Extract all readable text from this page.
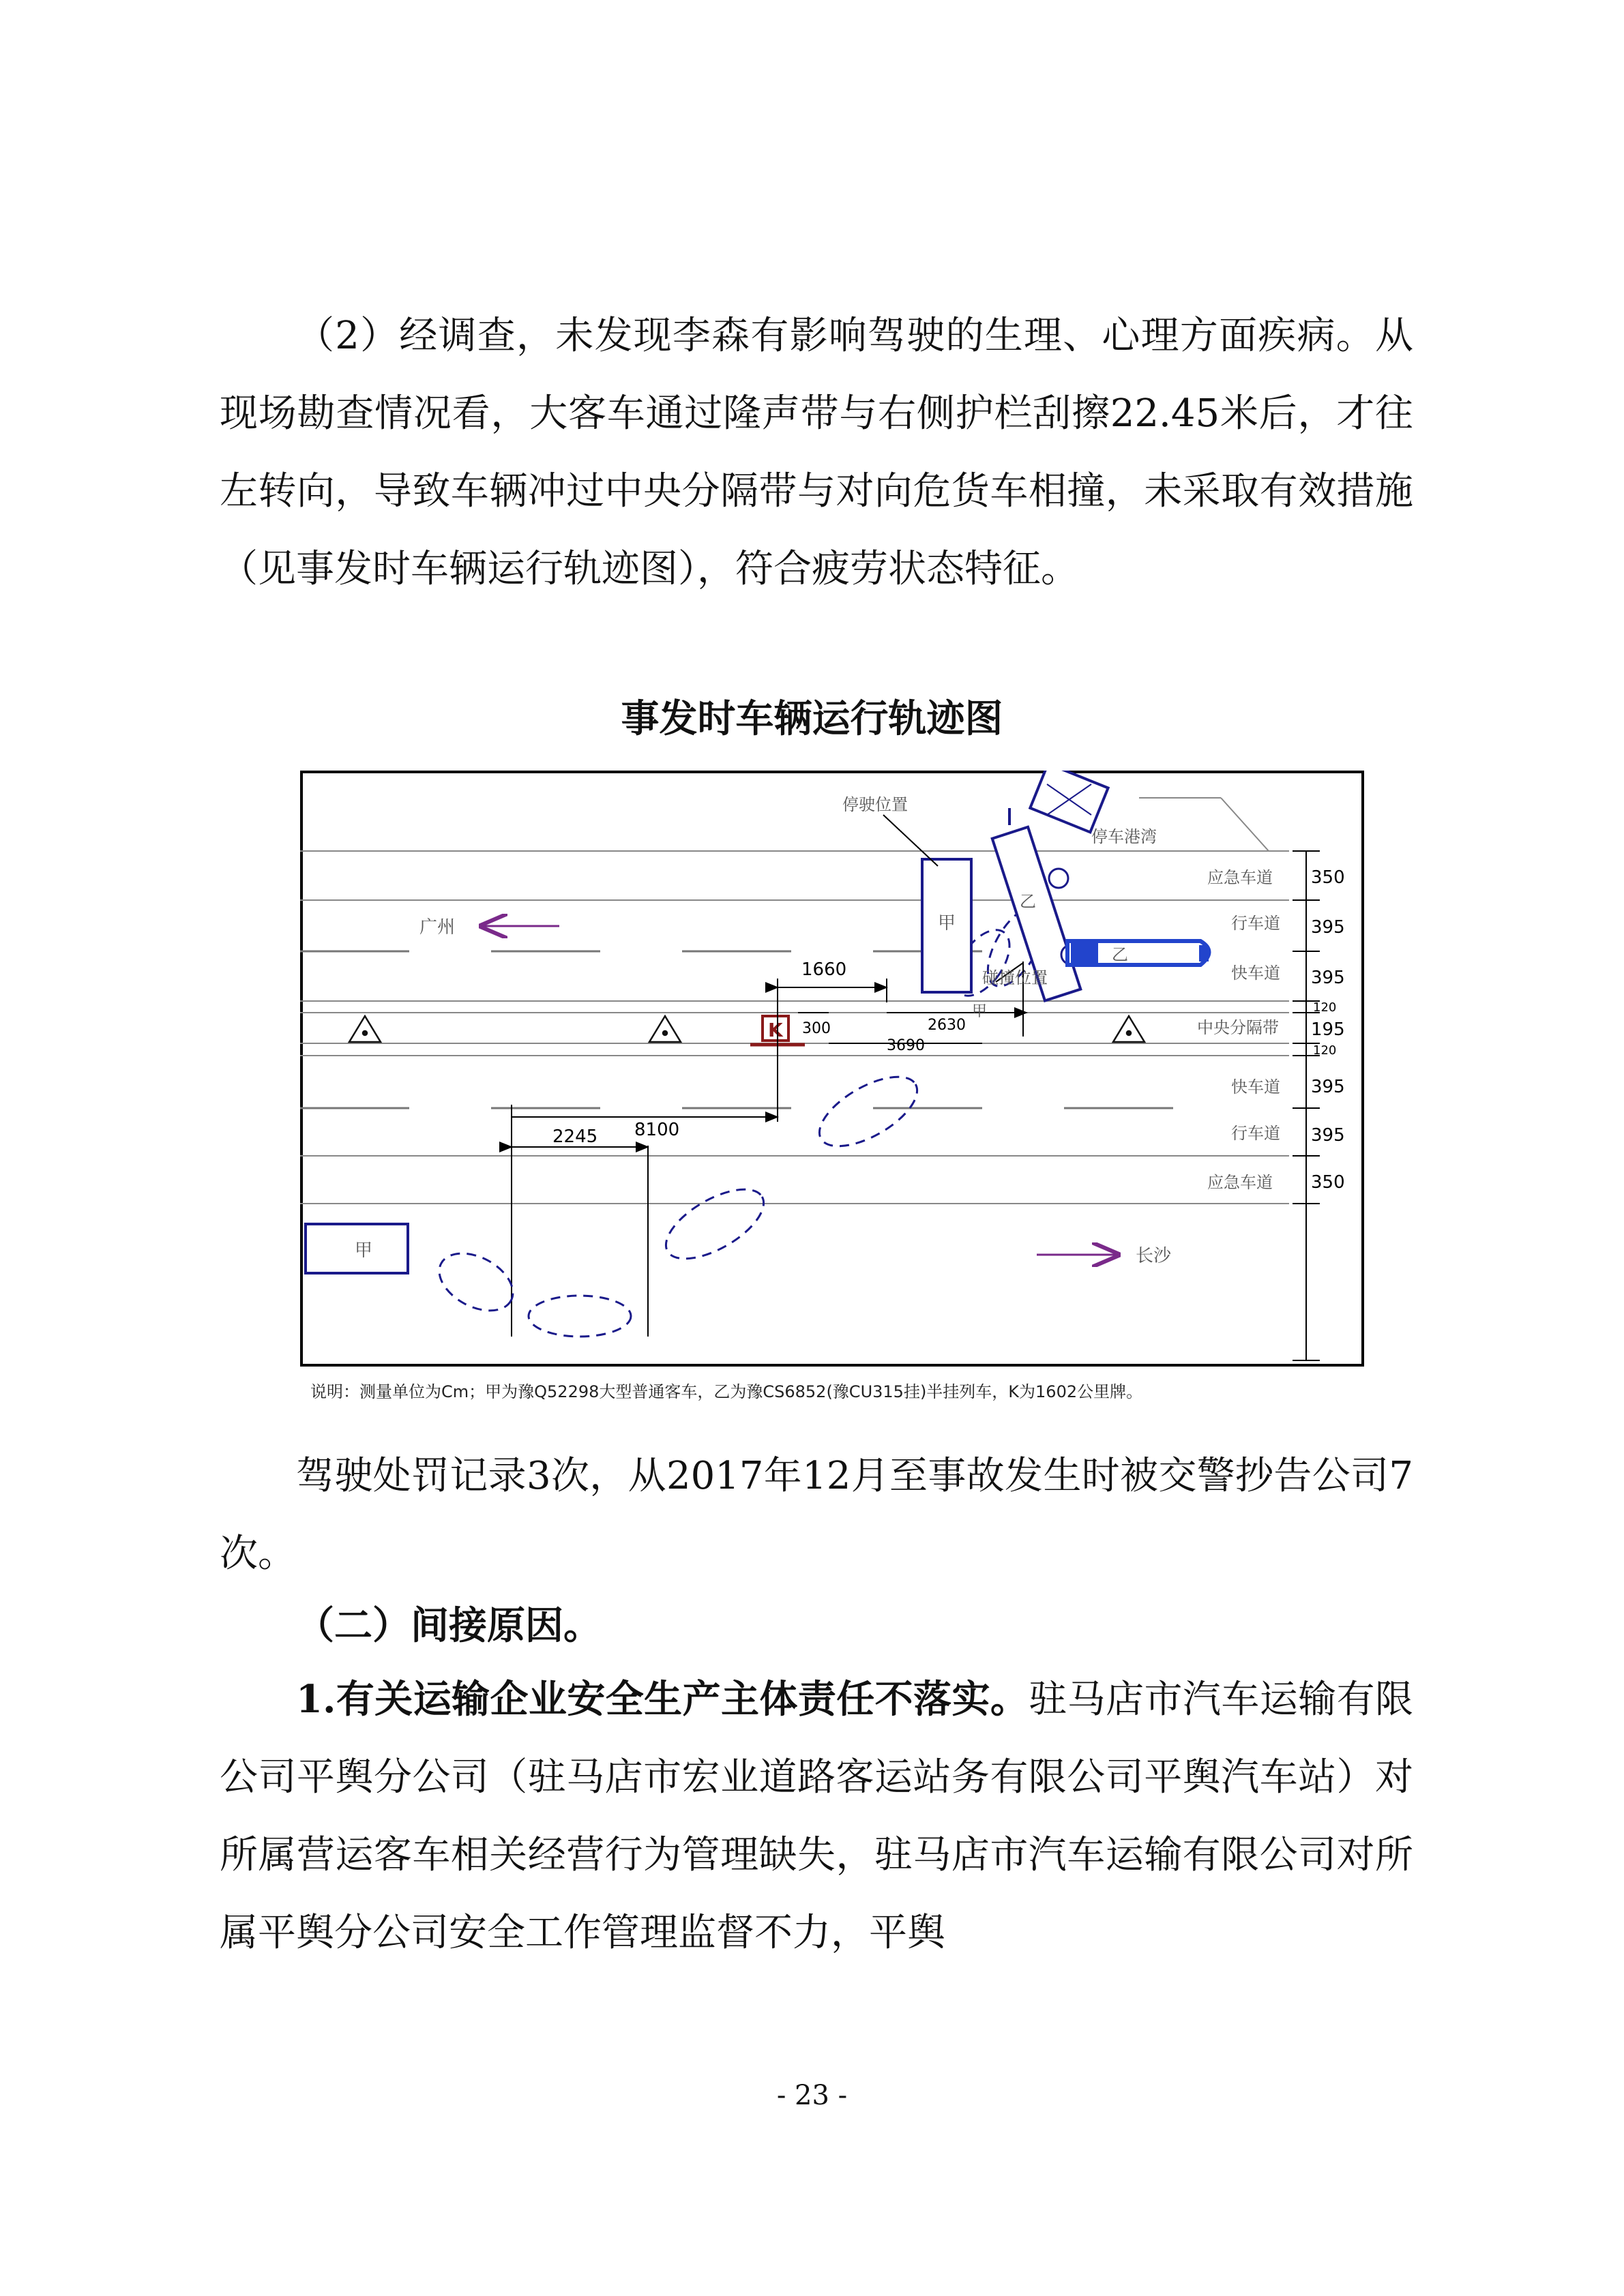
（2）经调查，未发现李森有影响驾驶的生理、心理方面疾病。从现场勘查情况看，大客车通过隆声带与右侧护栏刮擦22.45米后，才往左转向，导致车辆冲过中央分隔带与对向危货车相撞，未采取有效措施（见事发时车辆运行轨迹图），符合疲劳状态特征。

事发时车辆运行轨迹图
应急车道
行车道
快车道
中央分隔带
快车道
行车道
应急车道
350
395
395
120
195
120
395
395
350
广州
长沙
K
1660
300	2630
3690
2245 8100
甲
甲
甲
乙
乙
停驶位置
停车港湾
碰撞位置
说明：测量单位为Cm；甲为豫Q52298大型普通客车，乙为豫CS6852(豫CU315挂)半挂列车，K为1602公里牌。

驾驶处罚记录3次，从2017年12月至事故发生时被交警抄告公司7次。

（二）间接原因。

1.有关运输企业安全生产主体责任不落实。驻马店市汽车运输有限公司平舆分公司（驻马店市宏业道路客运站务有限公司平舆汽车站）对所属营运客车相关经营行为管理缺失，驻马店市汽车运输有限公司对所属平舆分公司安全工作管理监督不力，平舆

- 23 -
